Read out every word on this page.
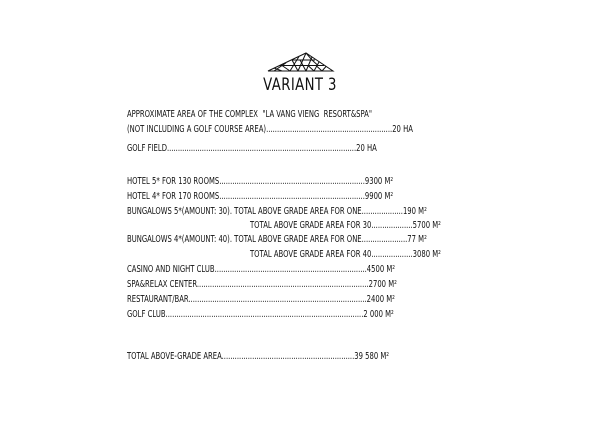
VARIANT 3
APPROXIMATE AREA OF THE COMPLEX  "LA VANG VIENG  RESORT&SPA"
(NOT INCLUDING A GOLF COURSE AREA)..........................................................20 HA
GOLF FIELD.......................................................................................20 HA
HOTEL 5* FOR 130 ROOMS...................................................................9300 M²
HOTEL 4* FOR 170 ROOMS...................................................................9900 M²
BUNGALOWS 5*(AMOUNT: 30). TOTAL ABOVE GRADE AREA FOR ONE...................190 M²
TOTAL ABOVE GRADE AREA FOR 30...................5700 M²
BUNGALOWS 4*(AMOUNT: 40). TOTAL ABOVE GRADE AREA FOR ONE.....................77 M²
TOTAL ABOVE GRADE AREA FOR 40...................3080 M²
CASINO AND NIGHT CLUB......................................................................4500 M²
SPA&RELAX CENTER...............................................................................2700 M²
RESTAURANT/BAR..................................................................................2400 M²
GOLF CLUB...........................................................................................2 000 M²
TOTAL ABOVE-GRADE AREA.............................................................39 580 M²
